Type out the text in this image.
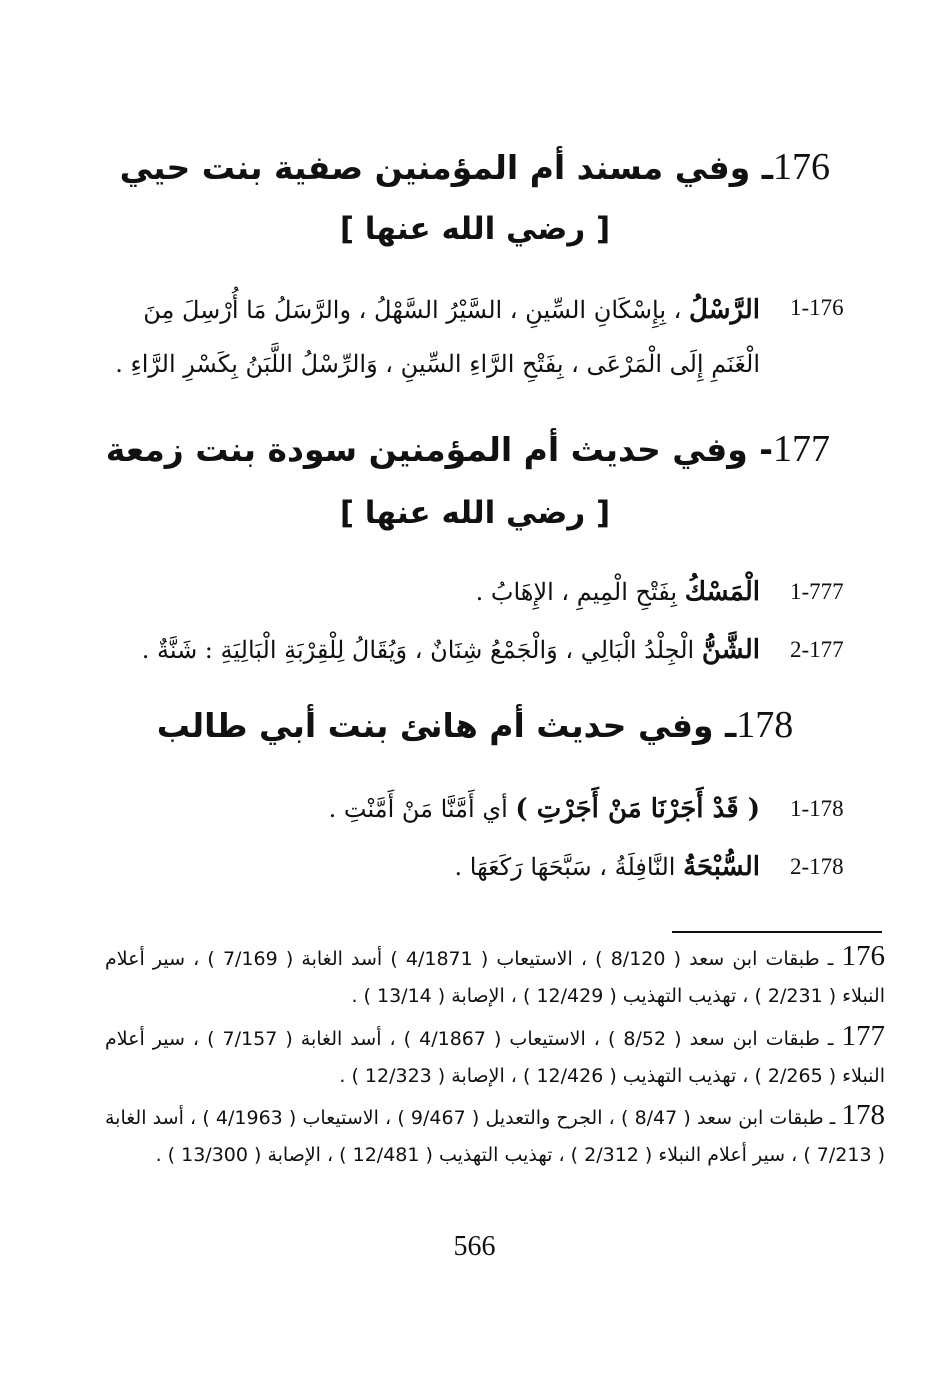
176ـ وفي مسند أم المؤمنين صفية بنت حيي
[ رضي الله عنها ]
1-176
الرَّسْلُ ، بِإِسْكَانِ السِّينِ ، السَّيْرُ السَّهْلُ ، والرَّسَلُ مَا أُرْسِلَ مِنَ الْغَنَمِ إِلَى الْمَرْعَى ، بِفَتْحِ الرَّاءِ السِّينِ ، وَالرِّسْلُ اللَّبَنُ بِكَسْرِ الرَّاءِ .
177- وفي حديث أم المؤمنين سودة بنت زمعة
[ رضي الله عنها ]
1-777
الْمَسْكُ بِفَتْحِ الْمِيمِ ، الإِهَابُ .
2-177
الشَّنُّ الْجِلْدُ الْبَالِي ، وَالْجَمْعُ شِنَانٌ ، وَيُقَالُ لِلْقِرْبَةِ الْبَالِيَةِ : شَنَّةٌ .
178ـ وفي حديث أم هانئ بنت أبي طالب
1-178
( قَدْ أَجَرْنَا مَنْ أَجَرْتِ ) أي أَمَّنَّا مَنْ أَمَّنْتِ .
2-178
السُّبْحَةُ النَّافِلَةُ ، سَبَّحَهَا رَكَعَهَا .
176 ـ طبقات ابن سعد ( 8/120 ) ، الاستيعاب ( 4/1871 ) أسد الغابة ( 7/169 ) ، سير أعلام النبلاء ( 2/231 ) ، تهذيب التهذيب ( 12/429 ) ، الإصابة ( 13/14 ) .
177 ـ طبقات ابن سعد ( 8/52 ) ، الاستيعاب ( 4/1867 ) ، أسد الغابة ( 7/157 ) ، سير أعلام النبلاء ( 2/265 ) ، تهذيب التهذيب ( 12/426 ) ، الإصابة ( 12/323 ) .
178 ـ طبقات ابن سعد ( 8/47 ) ، الجرح والتعديل ( 9/467 ) ، الاستيعاب ( 4/1963 ) ، أسد الغابة ( 7/213 ) ، سير أعلام النبلاء ( 2/312 ) ، تهذيب التهذيب ( 12/481 ) ، الإصابة ( 13/300 ) .
566
